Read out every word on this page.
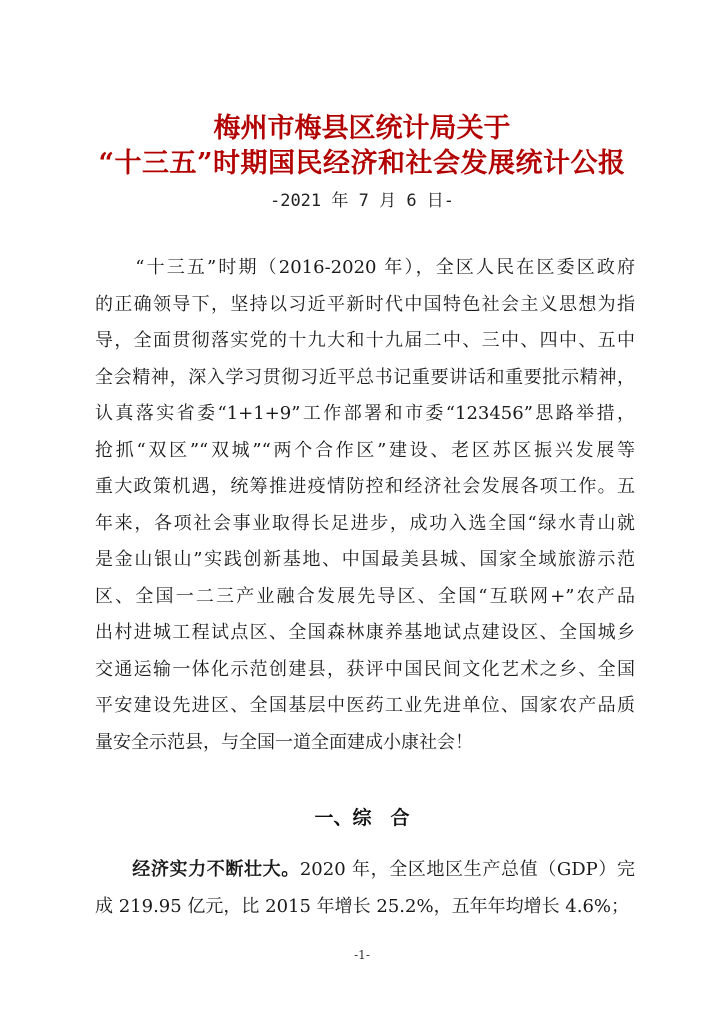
梅州市梅县区统计局关于
“十三五”时期国民经济和社会发展统计公报
-2021 年 7 月 6 日-
　　“十三五”时期（2016-2020 年），全区人民在区委区政府
的正确领导下，坚持以习近平新时代中国特色社会主义思想为指
导，全面贯彻落实党的十九大和十九届二中、三中、四中、五中
全会精神，深入学习贯彻习近平总书记重要讲话和重要批示精神，
认真落实省委“1+1+9”工作部署和市委“123456”思路举措，
抢抓“双区”“双城”“两个合作区”建设、老区苏区振兴发展等
重大政策机遇，统筹推进疫情防控和经济社会发展各项工作。五
年来，各项社会事业取得长足进步，成功入选全国“绿水青山就
是金山银山”实践创新基地、中国最美县城、国家全域旅游示范
区、全国一二三产业融合发展先导区、全国“互联网+”农产品
出村进城工程试点区、全国森林康养基地试点建设区、全国城乡
交通运输一体化示范创建县，获评中国民间文化艺术之乡、全国
平安建设先进区、全国基层中医药工业先进单位、国家农产品质
量安全示范县，与全国一道全面建成小康社会！
一、综　合
　　经济实力不断壮大。2020 年，全区地区生产总值（GDP）完
成 219.95 亿元，比 2015 年增长 25.2%，五年年均增长 4.6%；
-1-
